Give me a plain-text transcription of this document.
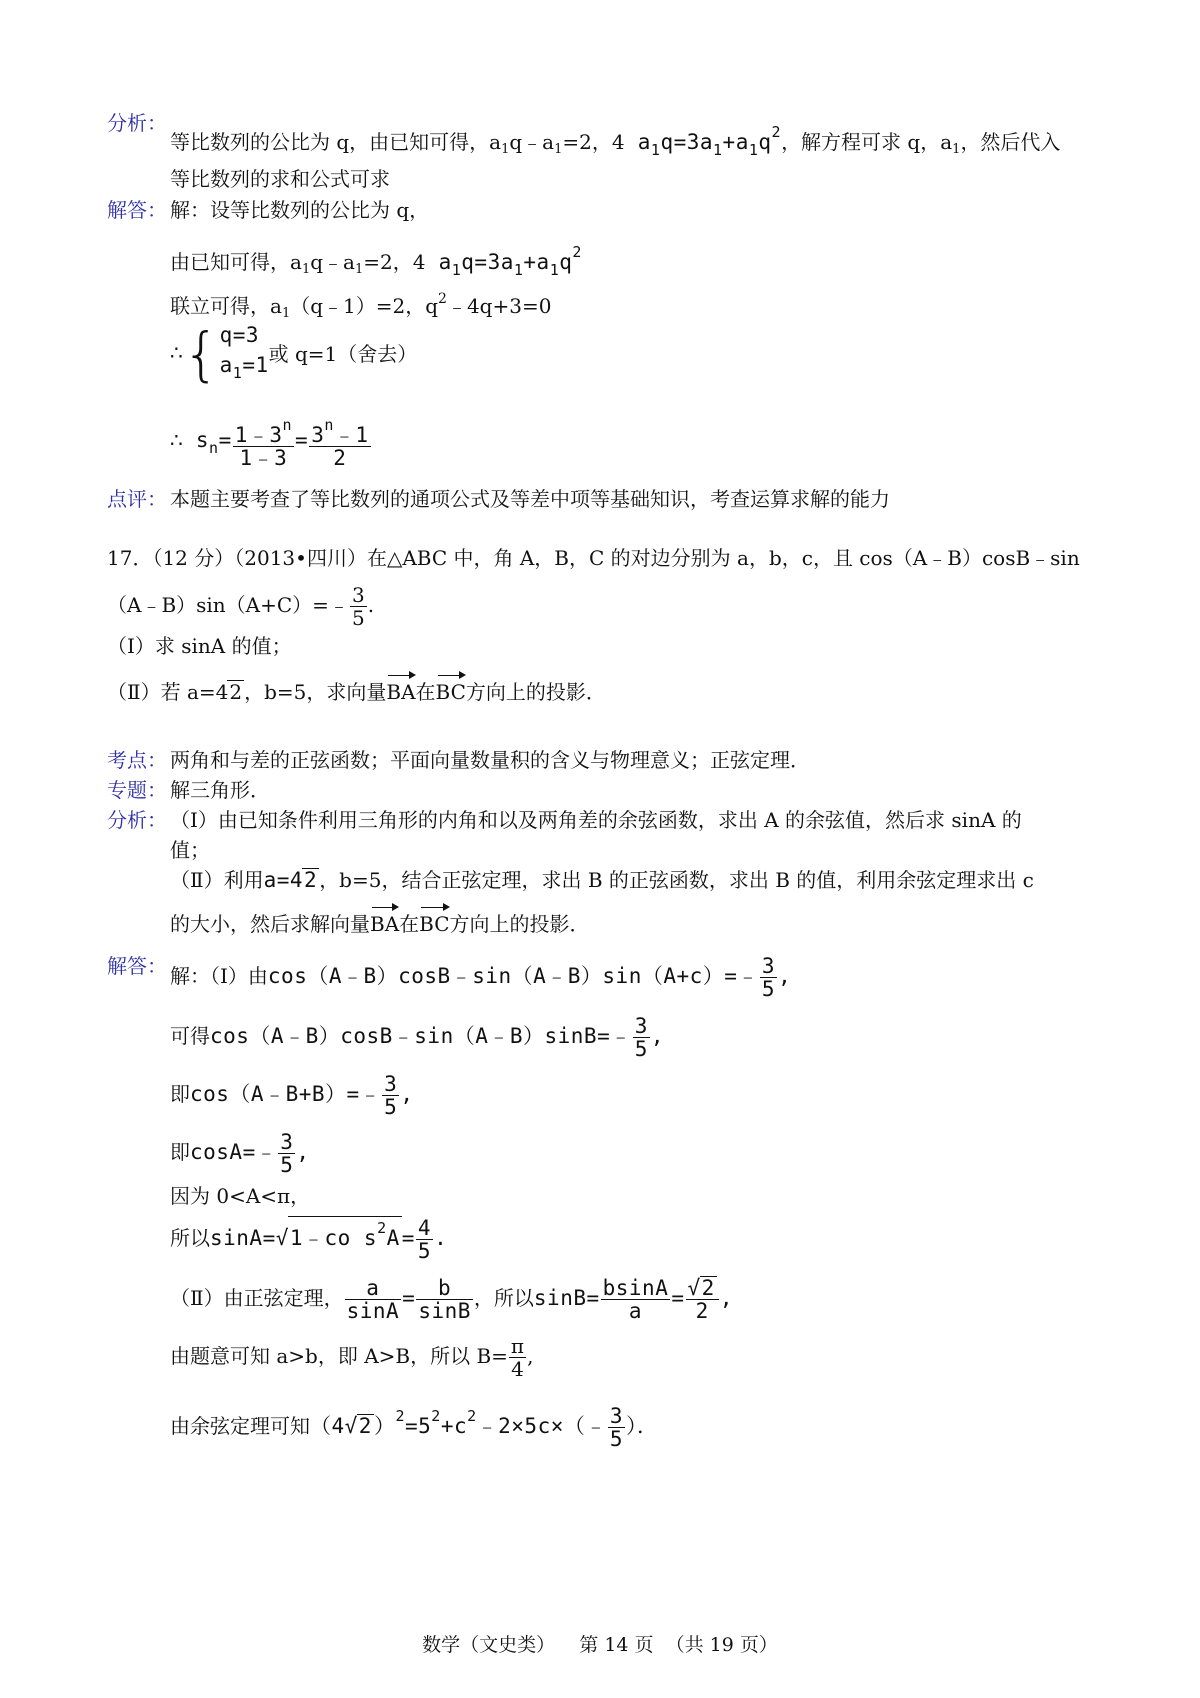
分析：
等比数列的公比为 q，由已知可得，$a_1q﹣a_1=2$，4 $a_1q=3a_1+a_1q^2$，解方程可求 q，$a_1$，然后代入
等比数列的求和公式可求
解答： 解：设等比数列的公比为 q，
由已知可得，$a_1q﹣a_1=2$，4 $a_1q=3a_1+a_1q^2$
联立可得，$a_1(q﹣1)=2$，$q^2﹣4q+3=0$
∴{q=3
$a_1=1$或 q=1（舍去）
∴ $s_n= \frac{1﹣3^n}{1﹣3} = \frac{3^n﹣1}{2}$
点评： 本题主要考查了等比数列的通项公式及等差中项等基础知识，考查运算求解的能力
17．（12 分）（2013•四川）在△ABC 中，角 A，B，C 的对边分别为 a，b，c，且 cos（A﹣B）cosB﹣sin
（A﹣B）sin（A+C）=﹣ $\frac{3}{5}$ .
（Ⅰ）求 sinA 的值；
（Ⅱ）若 a=42 ，b=5，求向量BA在BC方向上的投影．
考点： 两角和与差的正弦函数；平面向量数量积的含义与物理意义；正弦定理．
专题： 解三角形．
分析： （Ⅰ）由已知条件利用三角形的内角和以及两角差的余弦函数，求出 A 的余弦值，然后求 sinA 的
值；
（Ⅱ）利用a=42 ，b=5，结合正弦定理，求出 B 的正弦函数，求出 B 的值，利用余弦定理求出 c
的大小，然后求解向量BA在BC方向上的投影．
解答： 解：（Ⅰ）由cos（A﹣B）cosB﹣sin（A﹣B）sin（A+c）=﹣ $\frac{3}{5}$ ,
可得cos（A﹣B）cosB﹣sin（A﹣B）sinB=﹣ $\frac{3}{5}$ ,
即cos（A﹣B+B）=﹣ $\frac{3}{5}$ ,
即cosA=﹣ $\frac{3}{5}$ ,
因为 0<A<π，
所以sinA=√1﹣co $s^2A= \frac{4}{5}$ .
（Ⅱ）由正弦定理， $\frac{a}{\sin A} = \frac{b}{\sin B}$ ，所以$\sin B= \frac{bsinA}{a} = \frac{√2}{2}$ ,
由题意可知 a>b，即 A>B，所以 $B= \frac{\pi}{4}$ ,
由余弦定理可知$(4√2)^2=5^2+c^2﹣2\times 5c\times(﹣ \frac{3}{5}$ ）．
数学（文史类）    第 14 页  （共 19 页）
